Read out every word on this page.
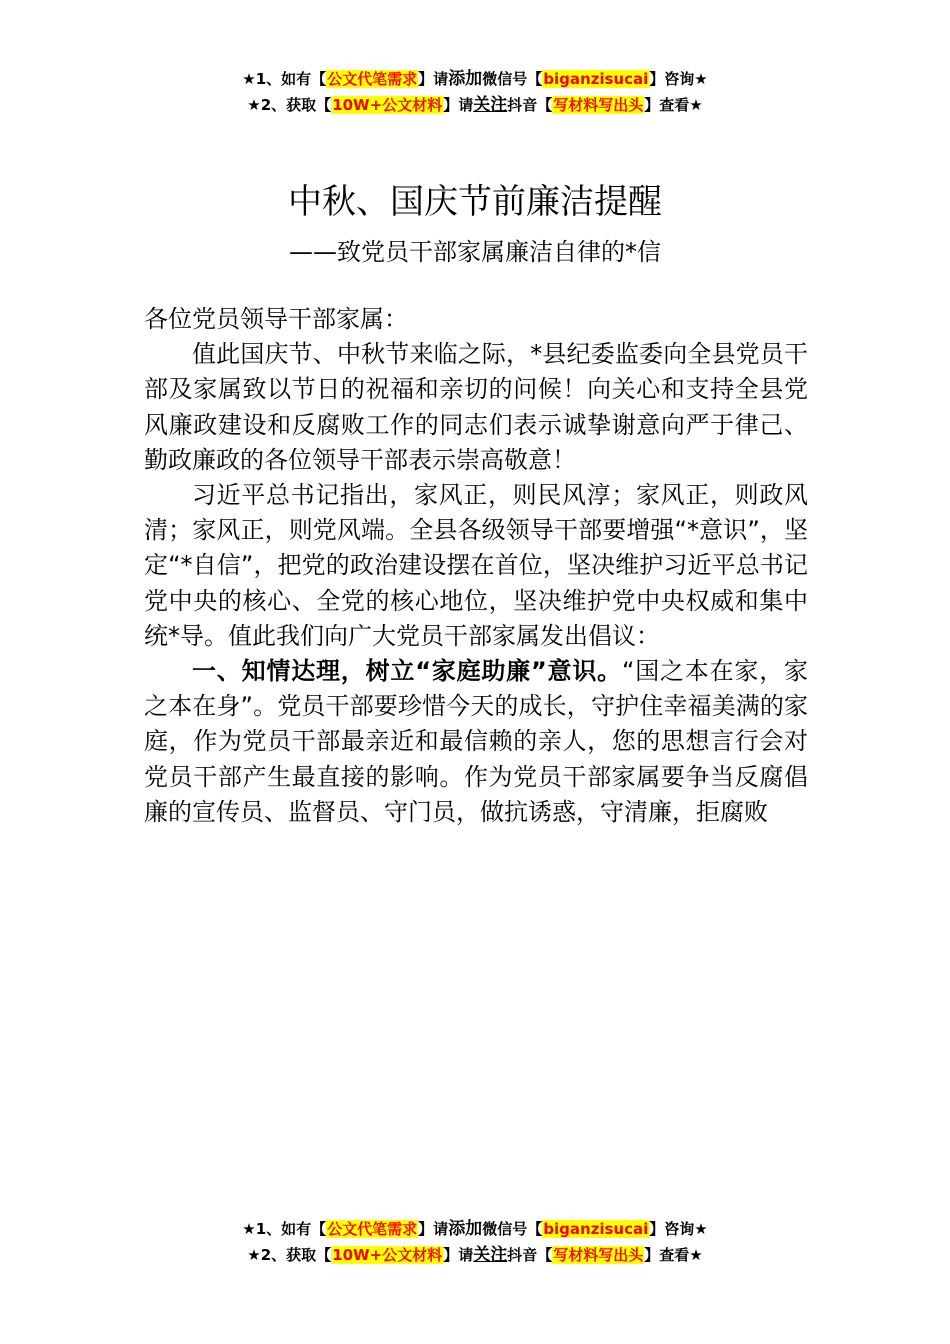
★1、如有【公文代笔需求】请添加微信号【biganzisucai】咨询★
★2、获取【10W+公文材料】请关注抖音【写材料写出头】查看★
中秋、国庆节前廉洁提醒
——致党员干部家属廉洁自律的*信

各位党员领导干部家属：

值此国庆节、中秋节来临之际，*县纪委监委向全县党员干部及家属致以节日的祝福和亲切的问候！向关心和支持全县党风廉政建设和反腐败工作的同志们表示诚挚谢意向严于律己、勤政廉政的各位领导干部表示崇高敬意！

习近平总书记指出，家风正，则民风淳；家风正，则政风清；家风正，则党风端。全县各级领导干部要增强“*意识”，坚定“*自信”，把党的政治建设摆在首位，坚决维护习近平总书记党中央的核心、全党的核心地位，坚决维护党中央权威和集中统*导。值此我们向广大党员干部家属发出倡议：

一、知情达理，树立“家庭助廉”意识。“国之本在家，家之本在身”。党员干部要珍惜今天的成长，守护住幸福美满的家庭，作为党员干部最亲近和最信赖的亲人，您的思想言行会对党员干部产生最直接的影响。作为党员干部家属要争当反腐倡廉的宣传员、监督员、守门员，做抗诱惑，守清廉，拒腐败

★1、如有【公文代笔需求】请添加微信号【biganzisucai】咨询★
★2、获取【10W+公文材料】请关注抖音【写材料写出头】查看★
